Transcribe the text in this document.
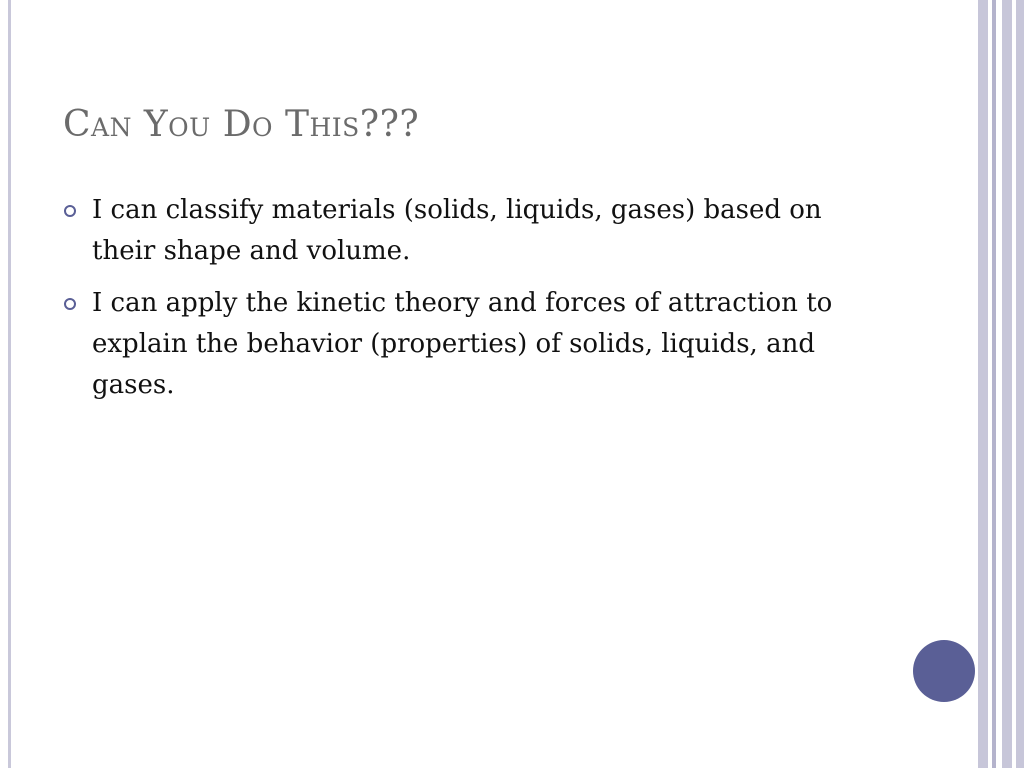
Can You Do This???
I can classify materials (solids, liquids, gases) based on their shape and volume.
I can apply the kinetic theory and forces of attraction to explain the behavior (properties) of solids, liquids, and gases.
